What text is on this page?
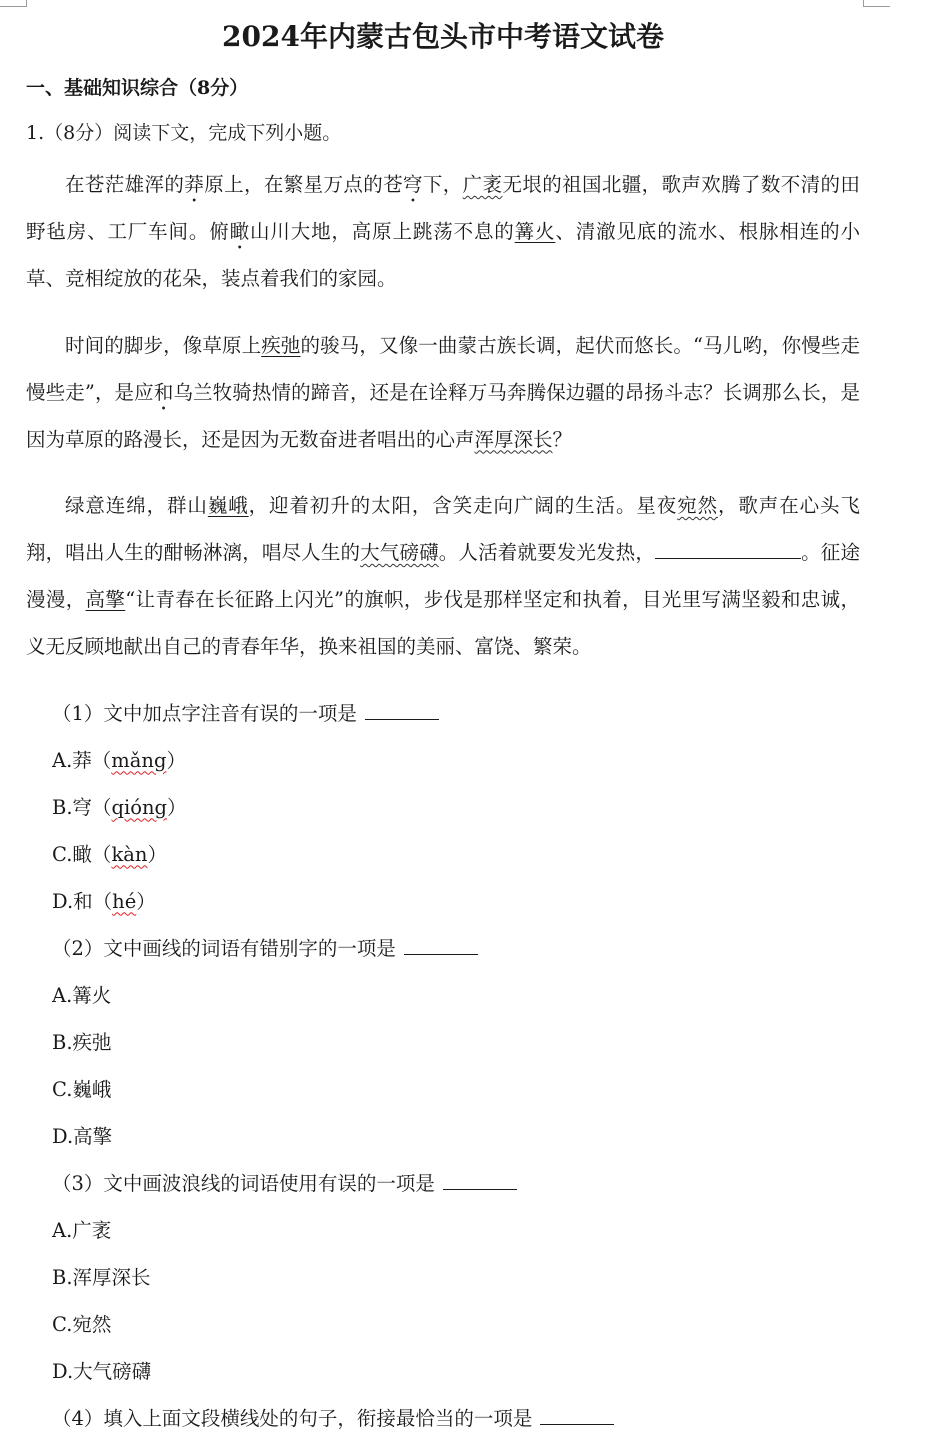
2024年内蒙古包头市中考语文试卷
一、基础知识综合（8分）
1.（8分）阅读下文，完成下列小题。

在苍茫雄浑的莽原上，在繁星万点的苍穹下，广袤无垠的祖国北疆，歌声欢腾了数不清的田野毡房、工厂车间。俯瞰山川大地，高原上跳荡不息的篝火、清澈见底的流水、根脉相连的小草、竞相绽放的花朵，装点着我们的家园。

时间的脚步，像草原上疾弛的骏马，又像一曲蒙古族长调，起伏而悠长。“马儿哟，你慢些走慢些走”，是应和乌兰牧骑热情的蹄音，还是在诠释万马奔腾保边疆的昂扬斗志？长调那么长，是因为草原的路漫长，还是因为无数奋进者唱出的心声浑厚深长？

绿意连绵，群山巍峨，迎着初升的太阳，含笑走向广阔的生活。星夜宛然，歌声在心头飞翔，唱出人生的酣畅淋漓，唱尽人生的大气磅礴。人活着就要发光发热，	。征途漫漫，高擎“让青春在长征路上闪光”的旗帜，步伐是那样坚定和执着，目光里写满坚毅和忠诚，义无反顾地献出自己的青春年华，换来祖国的美丽、富饶、繁荣。

（1）文中加点字注音有误的一项是
A.莽（mǎng）
B.穹（qióng）
C.瞰（kàn）
D.和（hé）
（2）文中画线的词语有错别字的一项是
A.篝火
B.疾弛
C.巍峨
D.高擎
（3）文中画波浪线的词语使用有误的一项是
A.广袤
B.浑厚深长
C.宛然
D.大气磅礴
（4）填入上面文段横线处的句子，衔接最恰当的一项是
